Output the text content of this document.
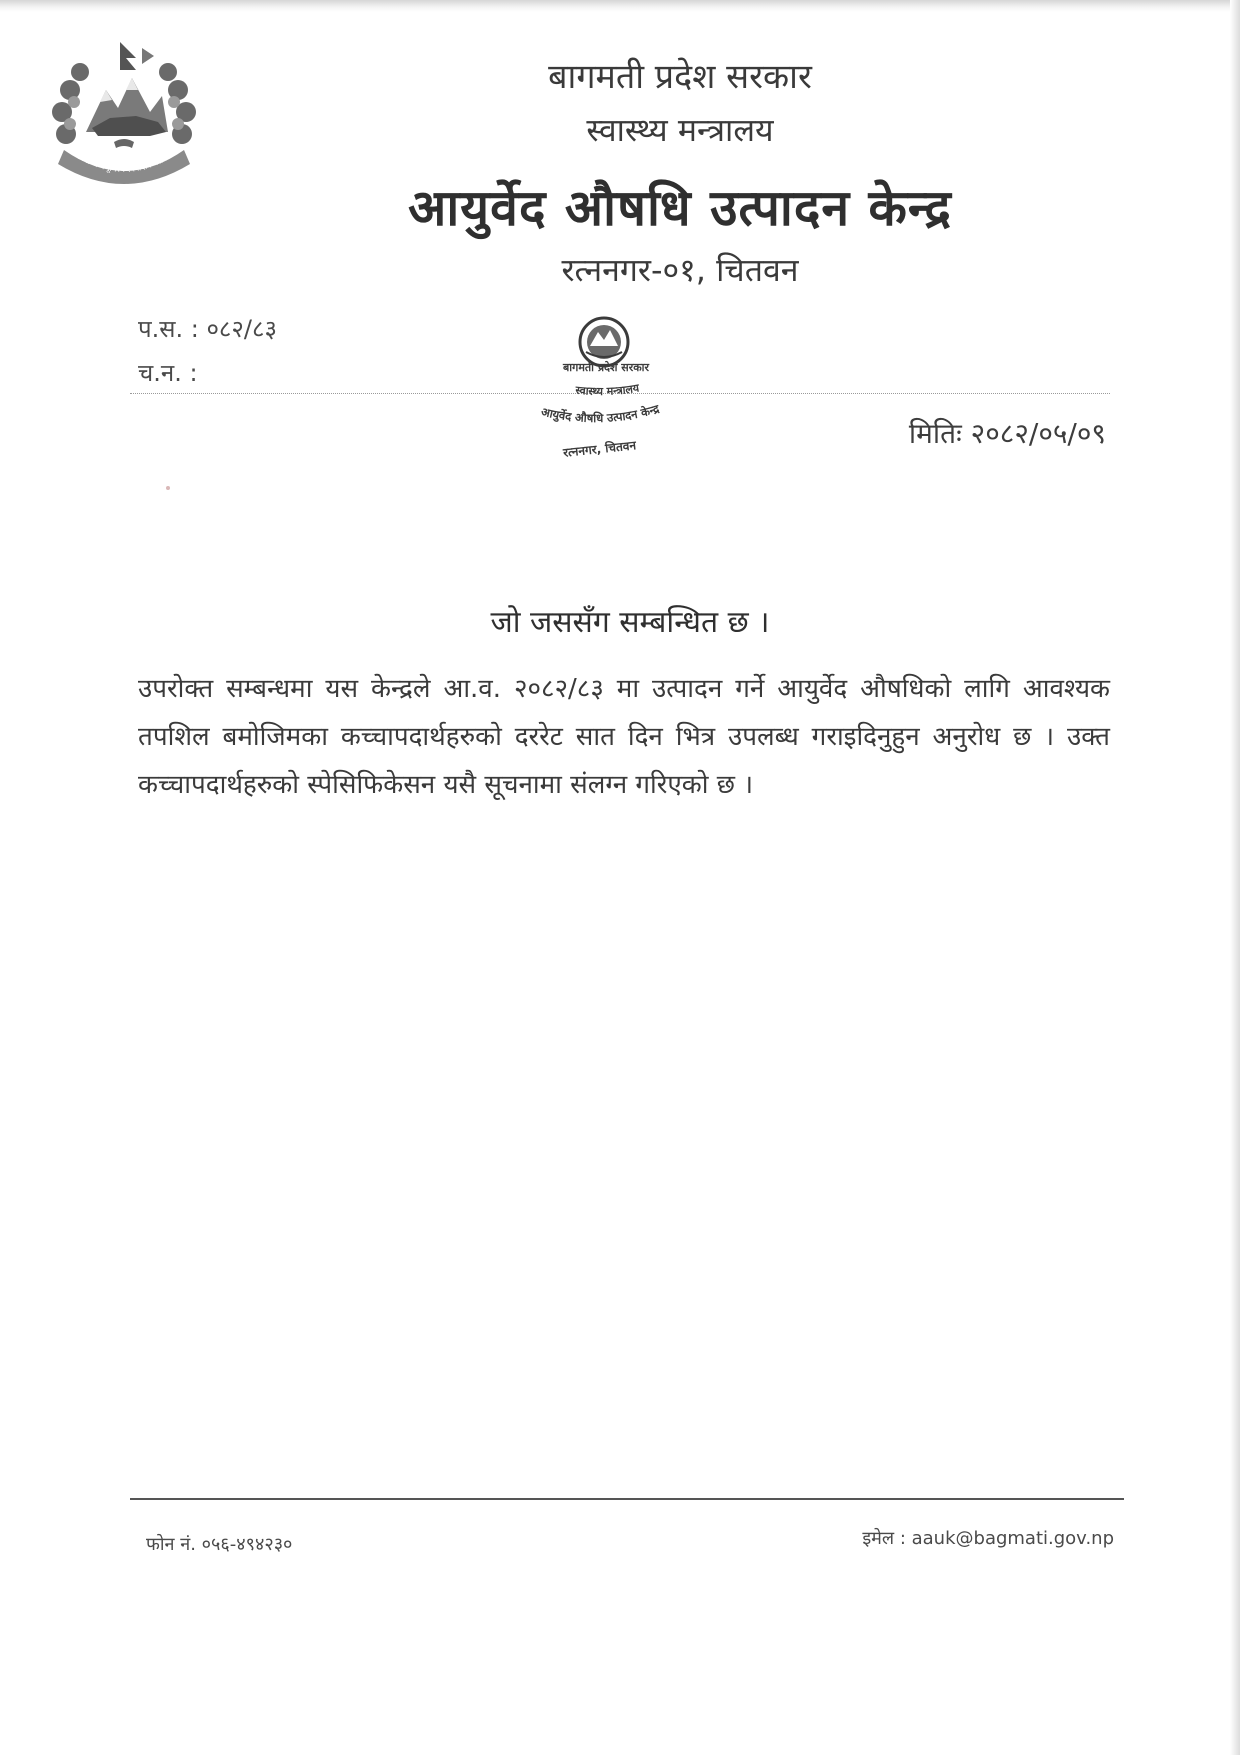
जननी जन्मभूमिश्च स्वर्गादपि गरीयसी
बागमती प्रदेश सरकार
स्वास्थ्य मन्त्रालय
आयुर्वेद औषधि उत्पादन केन्द्र
रत्ननगर-०१, चितवन
प.स. : ०८२/८३
च.न. :	बागमती प्रदेश सरकार
स्वास्थ्य मन्त्रालय
आयुर्वेद औषधि उत्पादन केन्द्र
रत्ननगर, चितवन	मितिः २०८२/०५/०९
जो जससँग सम्बन्धित छ ।
उपरोक्त सम्बन्धमा यस केन्द्रले आ.व. २०८२/८३ मा उत्पादन गर्ने आयुर्वेद औषधिको लागि आवश्यक तपशिल बमोजिमका कच्चापदार्थहरुको दररेट सात दिन भित्र उपलब्ध गराइदिनुहुन अनुरोध छ । उक्त कच्चापदार्थहरुको स्पेसिफिकेसन यसै सूचनामा संलग्न गरिएको छ ।
फोन नं. ०५६-४९४२३०	इमेल : aauk@bagmati.gov.np
